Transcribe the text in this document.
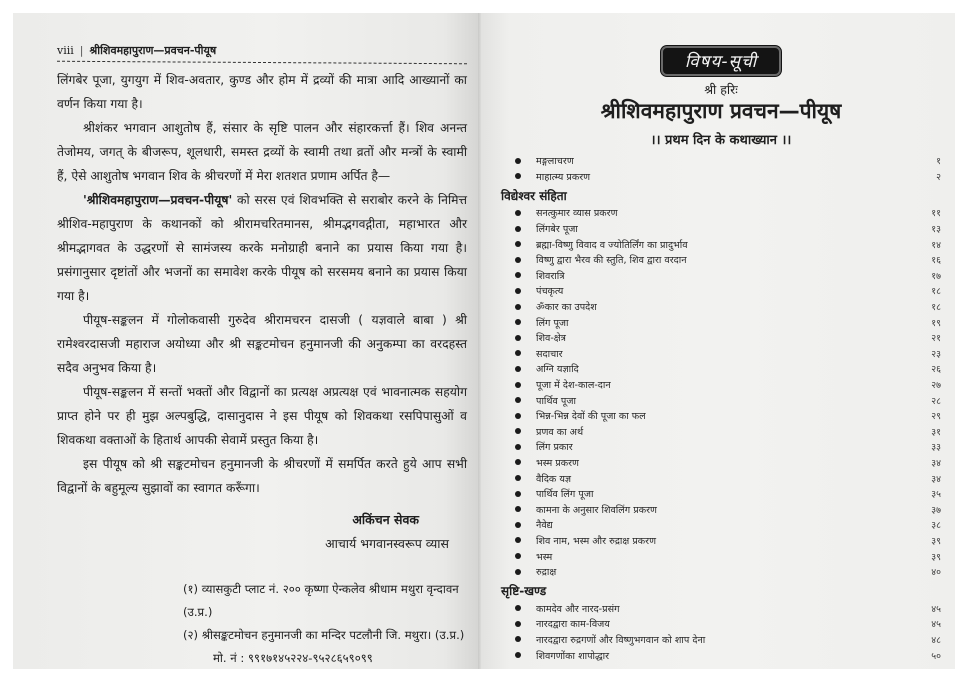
viii | श्रीशिवमहापुराण—प्रवचन-पीयूष

लिंगबेर पूजा, युगयुग में शिव-अवतार, कुण्ड और होम में द्रव्यों की मात्रा आदि आख्यानों का वर्णन किया गया है।

श्रीशंकर भगवान आशुतोष हैं, संसार के सृष्टि पालन और संहारकर्त्ता हैं। शिव अनन्त तेजोमय, जगत् के बीजरूप, शूलधारी, समस्त द्रव्यों के स्वामी तथा व्रतों और मन्त्रों के स्वामी हैं, ऐसे आशुतोष भगवान शिव के श्रीचरणों में मेरा शतशत प्रणाम अर्पित है—

'श्रीशिवमहापुराण—प्रवचन-पीयूष' को सरस एवं शिवभक्ति से सराबोर करने के निमित्त श्रीशिव-महापुराण के कथानकों को श्रीरामचरितमानस, श्रीमद्भगवद्गीता, महाभारत और श्रीमद्भागवत के उद्धरणों से सामंजस्य करके मनोग्राही बनाने का प्रयास किया गया है। प्रसंगानुसार दृष्टांतों और भजनों का समावेश करके पीयूष को सरसमय बनाने का प्रयास किया गया है।

पीयूष-सङ्कलन में गोलोकवासी गुरुदेव श्रीरामचरन दासजी ( यज्ञवाले बाबा ) श्री रामेश्वरदासजी महाराज अयोध्या और श्री सङ्कटमोचन हनुमानजी की अनुकम्पा का वरदहस्त सदैव अनुभव किया है।

पीयूष-सङ्कलन में सन्तों भक्तों और विद्वानों का प्रत्यक्ष अप्रत्यक्ष एवं भावनात्मक सहयोग प्राप्त होने पर ही मुझ अल्पबुद्धि, दासानुदास ने इस पीयूष को शिवकथा रसपिपासुओं व शिवकथा वक्ताओं के हितार्थ आपकी सेवामें प्रस्तुत किया है।

इस पीयूष को श्री सङ्कटमोचन हनुमानजी के श्रीचरणों में समर्पित करते हुये आप सभी विद्वानों के बहुमूल्य सुझावों का स्वागत करूँगा।

अकिंचन सेवक
आचार्य भगवानस्वरूप व्यास
(१) व्यासकुटी प्लाट नं. २०० कृष्णा ऐन्कलेव श्रीधाम मथुरा वृन्दावन (उ.प्र.)
(२) श्रीसङ्कटमोचन हनुमानजी का मन्दिर पटलौनी जि. मथुरा। (उ.प्र.)
मो. नं : ९९१७१४५२२४-९५२८६५९०९९
विषय-सूची
श्री हरिः
श्रीशिवमहापुराण प्रवचन—पीयूष
।। प्रथम दिन के कथाख्यान ।।
मङ्गलाचरण	१
माहात्म्य प्रकरण	२
विद्येश्वर संहिता
सनत्कुमार व्यास प्रकरण	११
लिंगबेर पूजा	१३
ब्रह्मा-विष्णु विवाद व ज्योतिर्लिंग का प्रादुर्भाव	१४
विष्णु द्वारा भैरव की स्तुति, शिव द्वारा वरदान	१६
शिवरात्रि	१७
पंचकृत्य	१८
ॐकार का उपदेश	१८
लिंग पूजा	१९
शिव-क्षेत्र	२१
सदाचार	२३
अग्नि यज्ञादि	२६
पूजा में देश-काल-दान	२७
पार्थिव पूजा	२८
भिन्न-भिन्न देवों की पूजा का फल	२९
प्रणव का अर्थ	३१
लिंग प्रकार	३३
भस्म प्रकरण	३४
वैदिक यज्ञ	३४
पार्थिव लिंग पूजा	३५
कामना के अनुसार शिवलिंग प्रकरण	३७
नैवेद्य	३८
शिव नाम, भस्म और रुद्राक्ष प्रकरण	३९
भस्म	३९
रुद्राक्ष	४०
सृष्टि-खण्ड
कामदेव और नारद-प्रसंग	४५
नारदद्वारा काम-विजय	४५
नारदद्वारा रुद्रगणों और विष्णुभगवान को शाप देना	४८
शिवगणोंका शापोद्धार	५०
